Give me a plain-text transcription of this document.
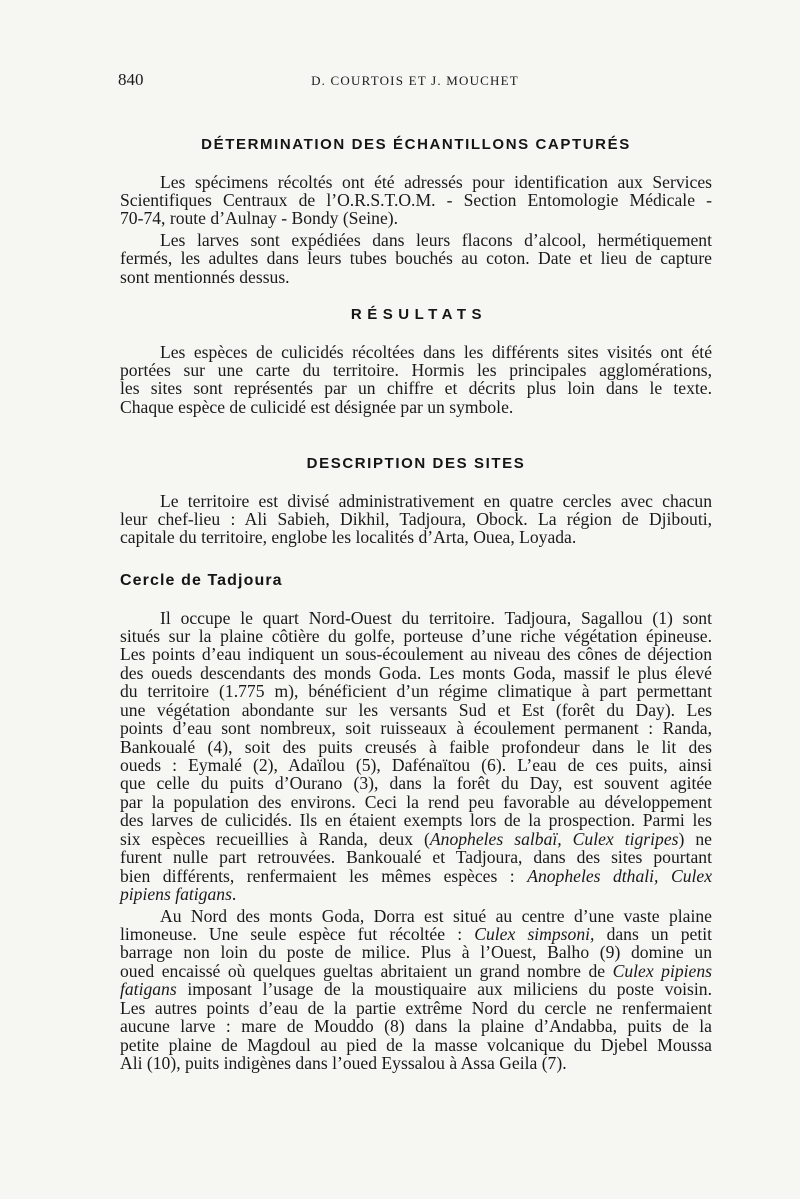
840	D. COURTOIS ET J. MOUCHET
DÉTERMINATION DES ÉCHANTILLONS CAPTURÉS
Les spécimens récoltés ont été adressés pour identification aux Services
Scientifiques Centraux de l’O.R.S.T.O.M. - Section Entomologie Médicale -
70-74, route d’Aulnay - Bondy (Seine).
Les larves sont expédiées dans leurs flacons d’alcool, hermétiquement
fermés, les adultes dans leurs tubes bouchés au coton. Date et lieu de capture
sont mentionnés dessus.
RÉSULTATS
Les espèces de culicidés récoltées dans les différents sites visités ont été
portées sur une carte du territoire. Hormis les principales agglomérations,
les sites sont représentés par un chiffre et décrits plus loin dans le texte.
Chaque espèce de culicidé est désignée par un symbole.
DESCRIPTION DES SITES
Le territoire est divisé administrativement en quatre cercles avec chacun
leur chef-lieu : Ali Sabieh, Dikhil, Tadjoura, Obock. La région de Djibouti,
capitale du territoire, englobe les localités d’Arta, Ouea, Loyada.
Cercle de Tadjoura
Il occupe le quart Nord-Ouest du territoire. Tadjoura, Sagallou (1) sont
situés sur la plaine côtière du golfe, porteuse d’une riche végétation épineuse.
Les points d’eau indiquent un sous-écoulement au niveau des cônes de déjection
des oueds descendants des monds Goda. Les monts Goda, massif le plus élevé
du territoire (1.775 m), bénéficient d’un régime climatique à part permettant
une végétation abondante sur les versants Sud et Est (forêt du Day). Les
points d’eau sont nombreux, soit ruisseaux à écoulement permanent : Randa,
Bankoualé (4), soit des puits creusés à faible profondeur dans le lit des
oueds : Eymalé (2), Adaïlou (5), Dafénaïtou (6). L’eau de ces puits, ainsi
que celle du puits d’Ourano (3), dans la forêt du Day, est souvent agitée
par la population des environs. Ceci la rend peu favorable au développement
des larves de culicidés. Ils en étaient exempts lors de la prospection. Parmi les
six espèces recueillies à Randa, deux (Anopheles salbaï, Culex tigripes) ne
furent nulle part retrouvées. Bankoualé et Tadjoura, dans des sites pourtant
bien différents, renfermaient les mêmes espèces : Anopheles dthali, Culex
pipiens fatigans.
Au Nord des monts Goda, Dorra est situé au centre d’une vaste plaine
limoneuse. Une seule espèce fut récoltée : Culex simpsoni, dans un petit
barrage non loin du poste de milice. Plus à l’Ouest, Balho (9) domine un
oued encaissé où quelques gueltas abritaient un grand nombre de Culex pipiens
fatigans imposant l’usage de la moustiquaire aux miliciens du poste voisin.
Les autres points d’eau de la partie extrême Nord du cercle ne renfermaient
aucune larve : mare de Mouddo (8) dans la plaine d’Andabba, puits de la
petite plaine de Magdoul au pied de la masse volcanique du Djebel Moussa
Ali (10), puits indigènes dans l’oued Eyssalou à Assa Geila (7).
